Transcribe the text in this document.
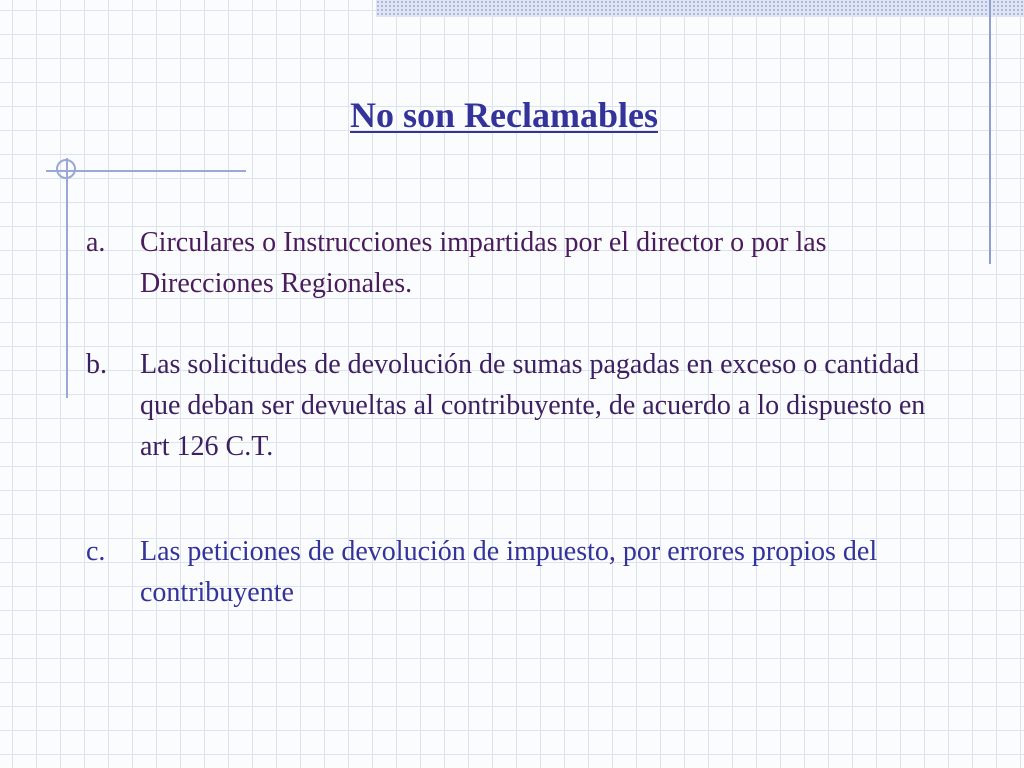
No son Reclamables
a.	Circulares o Instrucciones impartidas por el director o por las Direcciones Regionales.
b.	Las solicitudes de devolución de sumas pagadas en exceso o cantidad que deban ser devueltas al contribuyente, de acuerdo a lo dispuesto en art 126 C.T.
c.	Las peticiones de devolución de impuesto, por errores propios del contribuyente
